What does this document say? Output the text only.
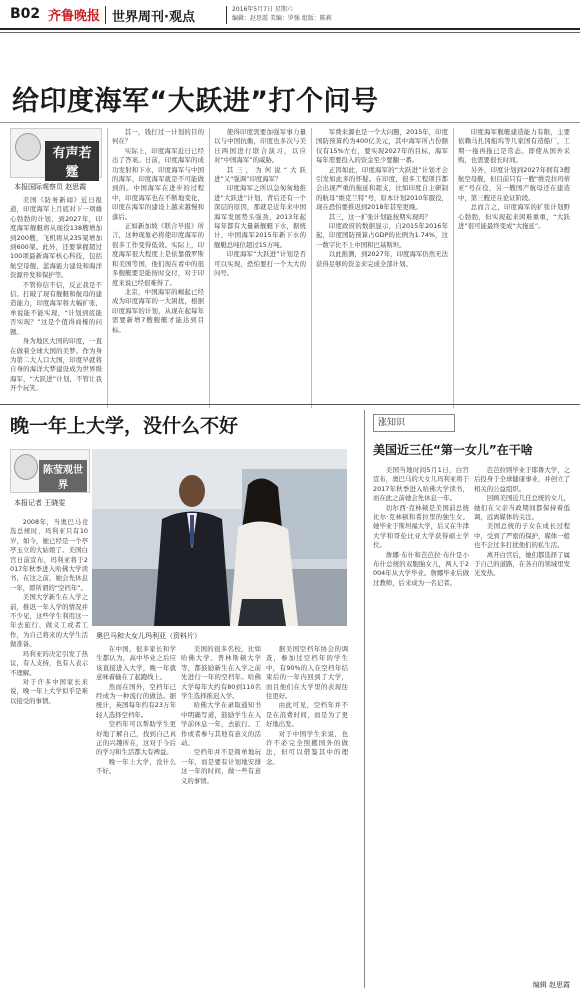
B02 齐鲁晚报 世界周刊·观点
2016年5月7日 星期六
编辑：赵思霞 美编：罗强 组版：陈莉
给印度海军“大跃进”打个问号
有声若霆
本报国际观察员 赵思霞

美国《防务新闻》近日报道，印度海军上月底对下一项雄心勃勃的计划，到2027年，印度海军舰艇将从现役138艘增加到200艘，飞机将从235架增加到600架。此外，还要掌握超过100项最新海军核心科技，包括航空母舰、蓝海能力建设和海洋资源开发和保护等。

不管你信不信，反正我是不信。打破了现有舰艇和航母的建造能力，印度海军将大幅扩张，单说能不能实现，“计划到底能否实现？”这是个值得商榷的问题。

身为地区大国的印度，一直在做着全球大国的美梦。作为身为第二大人口大国，印度早就将自身的海洋大梦建设成为世界级海军，“大跃进”计划，不管让我开个玩笑。

其一，钱打过一计划的目的何在？

实际上，印度海军近日已经出了答案。日前，印度海军的成功发射和下水，印度海军与中国的海军、印度海军就是不可能做到的。中国海军在进步的过程中，印度海军也在不断地变化，印度在海军的建设上越来越慢和落后。

正如新加坡《联合早报》所言，这种现象必将使印度海军的很多工作变得低效。实际上，印度海军很大程度上是依靠俄罗斯和美国等国，他们现在看中的很多舰艇要是能按时交付，对于印度来说已经很难得了。

北京，中国海军的崛起已经成为印度海军的一大困扰，根据印度海军的计划，从现在起每年需要新增7艘舰艇才能达到目标。

使得印度需要加强军事力量以与中国抗衡，印度也多次与美日两国进行联合演习，以应对“中国海军”的威胁。

其三，为何说“大跃进”又“强调”印度海军？

印度海军之所以急匆匆地推进“大跃进”计划，背后还有一个深层的原因，那就是近年来中国海军发展势头强劲，2013年起每年都有大量新舰艇下水，据统计，中国海军2015年新下水的舰艇总吨位超过15万吨。

印度海军“大跃进”计划是否可以实现，恐怕要打一个大大的问号。

军费来源也是一个大问题，2015年，印度国防预算约为400亿美元，其中海军所占份额仅有15%左右，要实现2027年的目标，海军每年需要投入的资金至少要翻一番。

正因如此，印度海军的“大跃进”计划才会引发如此多的怀疑。在印度，很多工程项目都会出现严重的拖延和超支，比如印度自主研制的航母“维克兰特”号，原本计划2010年服役，现在恐怕要推迟到2018年甚至更晚。

其三，这一扩张计划能按期实现吗？

印度政府的数据显示，自2015年2016年起，印度国防预算占GDP的比例为1.74%，这一数字比不上中国和巴基斯坦。

以此推测，到2027年，印度海军仍然无法获得足够的资金来完成全部计划。

印度海军舰艇建造能力有限，主要依赖马扎冈船坞等几家国有造船厂，工期一拖再拖已是常态。即使从国外采购，也需要很长时间。

另外，印度计划到2027年拥有3艘航空母舰，但目前只有一艘“维克拉玛蒂亚”号在役，另一艘国产航母还在建造中，第三艘还在论证阶段。

总而言之，印度海军的扩张计划野心勃勃，但实现起来困难重重，“大跃进”很可能最终变成“大拖延”。

晚一年上大学，没什么不好
陈莹观世界
本报记者 王晓雯

2008年，当奥巴马竞选总统时，玛利亚只有10岁，如今，她已经是一个亭亭玉立的大姑娘了。美国白宫日前宣布，玛利亚将于2017年秋季进入哈佛大学读书，在这之前，她会先休息一年，即所谓的“空档年”。

美国大学新生在入学之前，推迟一年入学的情况并不少见，这些学生利用这一年去旅行、做义工或者工作，为自己将来的大学生活做准备。

玛利亚的决定引发了热议，有人支持，也有人表示不理解。

对于许多中国家长来说，晚一年上大学似乎是难以接受的事情。

奥巴马和大女儿玛利亚（资料片）

在中国，很多家长和学生都认为，高中毕业之后应该直接进入大学，晚一年就意味着输在了起跑线上。

然而在国外，空档年已经成为一种流行的做法。据统计，英国每年约有23万年轻人选择空档年。

空档年可以帮助学生更好地了解自己，找到自己真正的兴趣所在，这对于今后的学习和生活都大有裨益。

晚一年上大学，没什么不好。

美国的很多名校，比如哈佛大学、普林斯顿大学等，都鼓励新生在入学之前先进行一年的空档年。哈佛大学每年大约有80到110名学生选择推迟入学。

哈佛大学在录取通知书中明确写道，鼓励学生在入学前休息一年，去旅行、工作或者参与其他有意义的活动。

空档年并不是简单地玩一年，而是要有计划地安排这一年的时间，做一些有意义的事情。

据美国空档年协会的调查，参加过空档年的学生中，有90%的人在空档年结束后的一年内回到了大学，而且他们在大学里的表现往往更好。

由此可见，空档年并不是在浪费时间，而是为了更好地出发。

对于中国学生来说，也许不必完全照搬国外的做法，但可以借鉴其中的理念。

涨知识
美国近三任“第一女儿”在干啥

美国当地时间5月1日，白宫宣布，奥巴马的大女儿玛利亚将于2017年秋季进入哈佛大学读书，而在此之前她会先休息一年。

切尔西·克林顿是美国前总统比尔·克林顿和希拉里的独生女。她毕业于斯坦福大学，后又在牛津大学和哥伦比亚大学获得硕士学位。

詹娜·布什和芭芭拉·布什是小布什总统的双胞胎女儿，两人于2004年从大学毕业。詹娜毕业后做过教师，后来成为一名记者。

芭芭拉则毕业于耶鲁大学，之后投身于全球健康事业，并创立了相关的公益组织。

回顾美国近几任总统的女儿，她们在父亲当政期间都保持着低调，远离媒体的关注。

美国总统的子女在成长过程中，受到了严密的保护，媒体一般也不会过多打扰他们的私生活。

离开白宫后，她们都选择了属于自己的道路，在各自的领域里发光发热。

编辑 赵思霞
